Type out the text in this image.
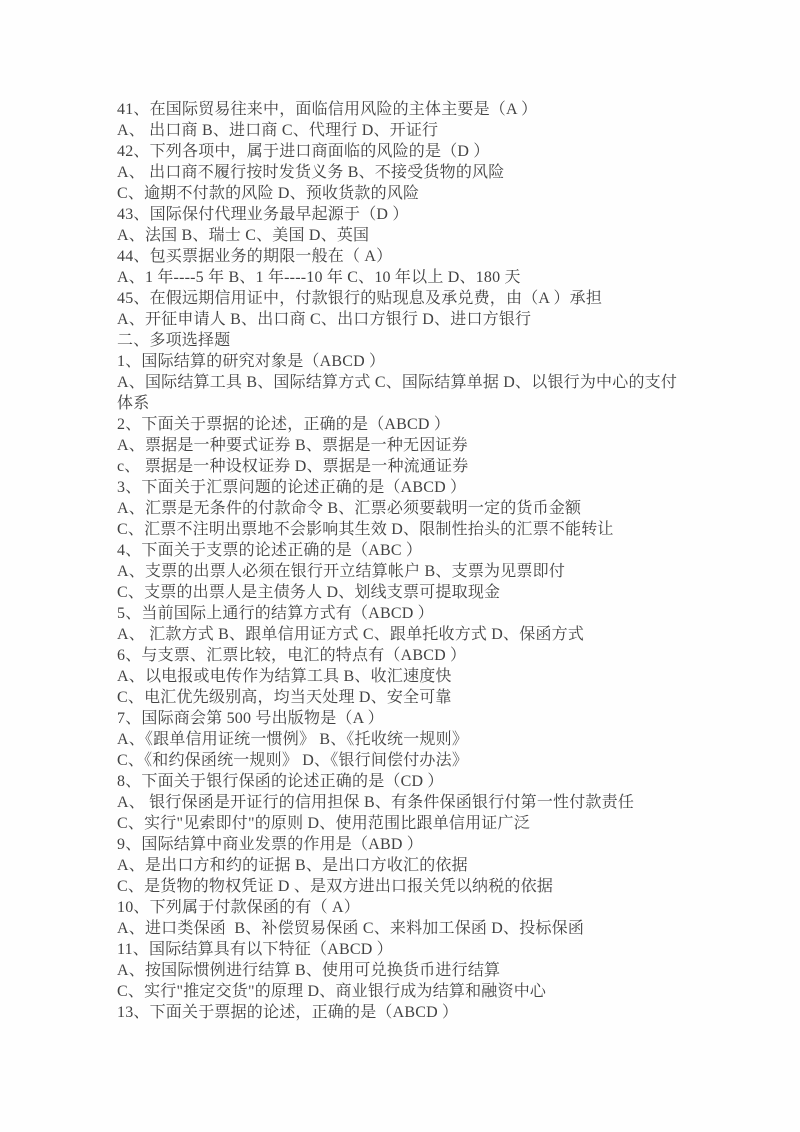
41、在国际贸易往来中，面临信用风险的主体主要是（A ）
A、 出口商 B、进口商 C、代理行 D、开证行
42、下列各项中，属于进口商面临的风险的是（D ）
A、 出口商不履行按时发货义务 B、不接受货物的风险
C、逾期不付款的风险 D、预收货款的风险
43、国际保付代理业务最早起源于（D ）
A、法国 B、瑞士 C、美国 D、英国
44、包买票据业务的期限一般在（ A）
A、1 年----5 年 B、1 年----10 年 C、10 年以上 D、180 天
45、在假远期信用证中，付款银行的贴现息及承兑费，由（A ）承担
A、开征申请人 B、出口商 C、出口方银行 D、进口方银行
二、多项选择题
1、国际结算的研究对象是（ABCD ）
A、国际结算工具 B、国际结算方式 C、国际结算单据 D、以银行为中心的支付
体系
2、下面关于票据的论述，正确的是（ABCD ）
A、票据是一种要式证券 B、票据是一种无因证券
c、 票据是一种设权证券 D、票据是一种流通证券
3、下面关于汇票问题的论述正确的是（ABCD ）
A、汇票是无条件的付款命令 B、汇票必须要载明一定的货币金额
C、汇票不注明出票地不会影响其生效 D、限制性抬头的汇票不能转让
4、下面关于支票的论述正确的是（ABC ）
A、支票的出票人必须在银行开立结算帐户 B、支票为见票即付
C、支票的出票人是主债务人 D、划线支票可提取现金
5、当前国际上通行的结算方式有（ABCD ）
A、 汇款方式 B、跟单信用证方式 C、跟单托收方式 D、保函方式
6、与支票、汇票比较，电汇的特点有（ABCD ）
A、以电报或电传作为结算工具 B、收汇速度快
C、电汇优先级别高，均当天处理 D、安全可靠
7、国际商会第 500 号出版物是（A ）
A、《跟单信用证统一惯例》 B、《托收统一规则》
C、《和约保函统一规则》 D、《银行间偿付办法》
8、下面关于银行保函的论述正确的是（CD ）
A、 银行保函是开证行的信用担保 B、有条件保函银行付第一性付款责任
C、实行"见索即付"的原则 D、使用范围比跟单信用证广泛
9、国际结算中商业发票的作用是（ABD ）
A、是出口方和约的证据 B、是出口方收汇的依据
C、是货物的物权凭证 D 、是双方进出口报关凭以纳税的依据
10、下列属于付款保函的有（ A）
A、进口类保函  B、补偿贸易保函 C、来料加工保函 D、投标保函
11、国际结算具有以下特征（ABCD ）
A、按国际惯例进行结算 B、使用可兑换货币进行结算
C、实行"推定交货"的原理 D、商业银行成为结算和融资中心
13、下面关于票据的论述，正确的是（ABCD ）
